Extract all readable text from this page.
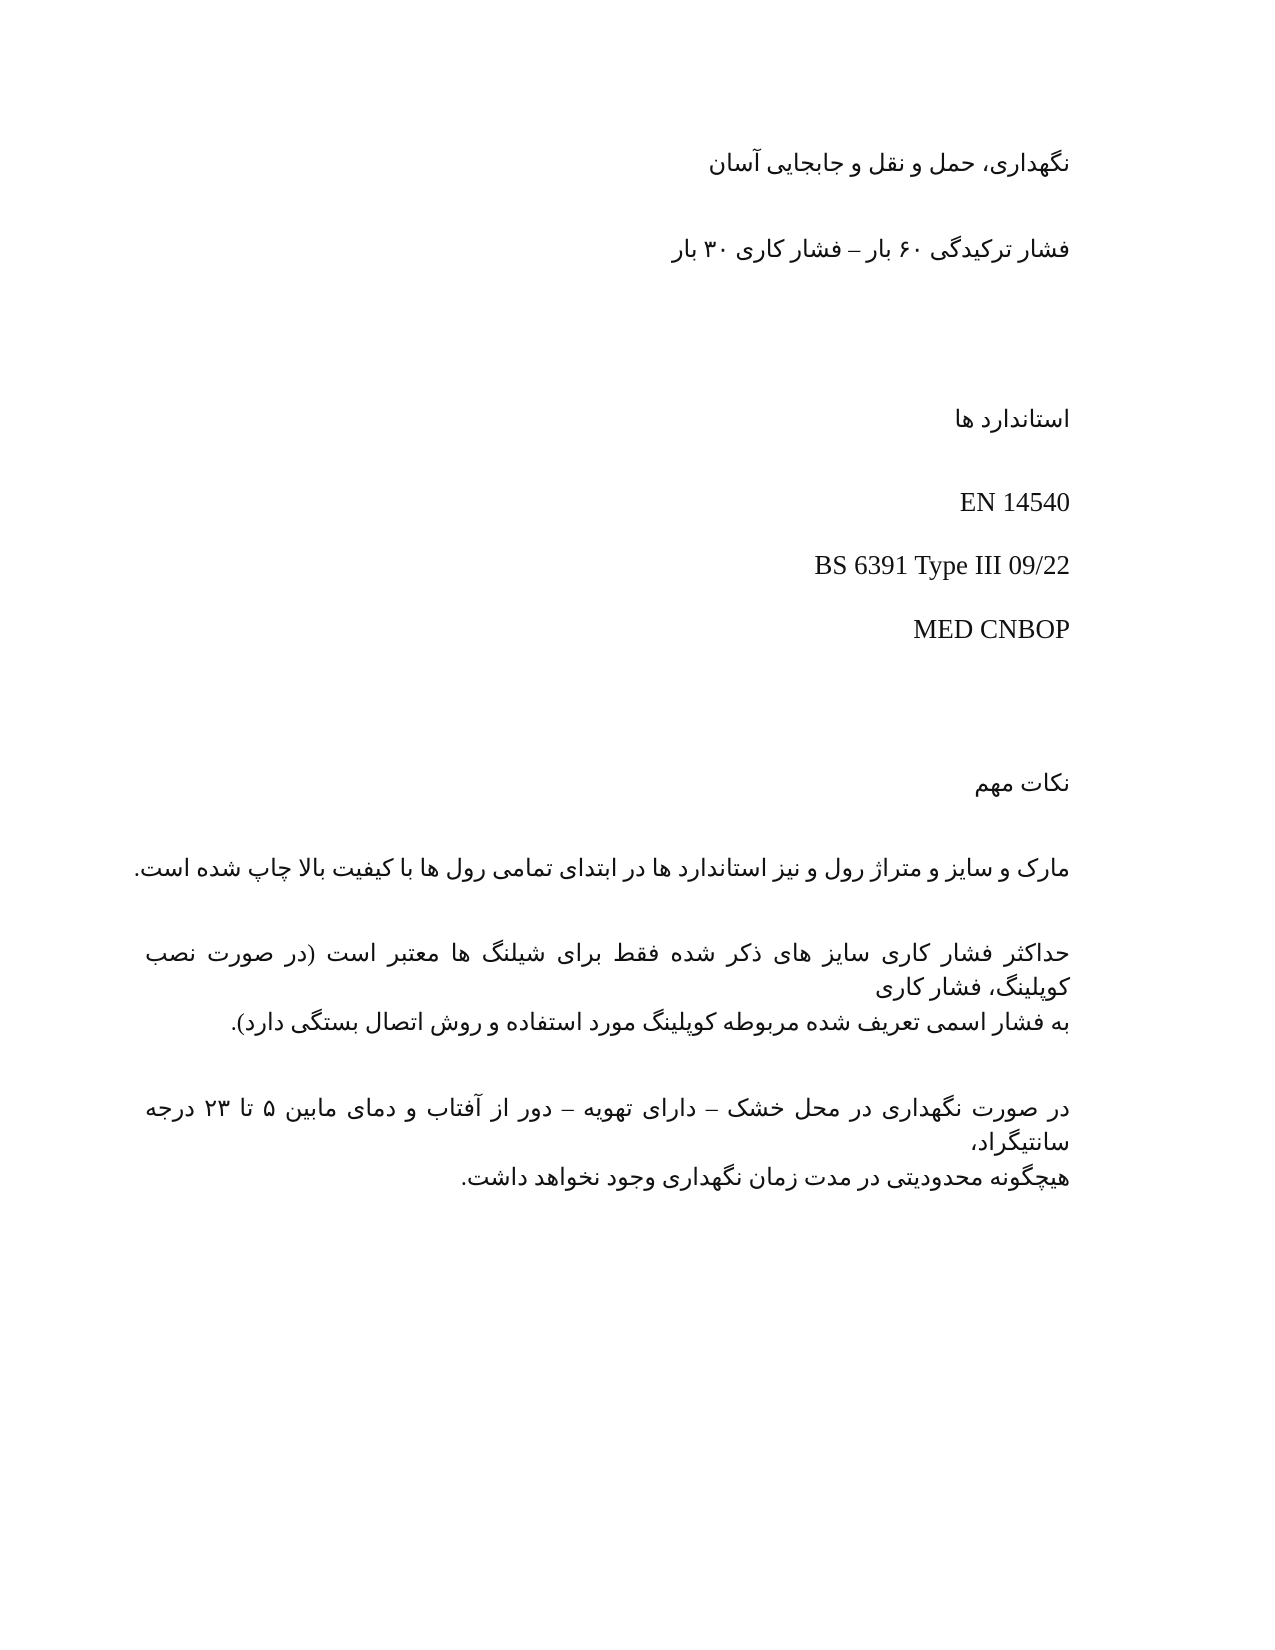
نگهداری، حمل و نقل و جابجایی آسان
فشار ترکیدگی ۶۰ بار – فشار کاری ۳۰ بار
استاندارد ها
EN 14540
BS 6391 Type III 09/22
MED CNBOP
نکات مهم
مارک و سایز و متراژ رول و نیز استاندارد ها در ابتدای تمامی رول ها با کیفیت بالا چاپ شده است.
حداکثر فشار کاری سایز های ذکر شده فقط برای شیلنگ ها معتبر است (در صورت نصب کوپلینگ، فشار کاری
به فشار اسمی تعریف شده مربوطه کوپلینگ مورد استفاده و روش اتصال بستگی دارد).
در صورت نگهداری در محل خشک – دارای تهویه – دور از آفتاب و دمای مابین ۵ تا ۲۳ درجه سانتیگراد،
هیچگونه محدودیتی در مدت زمان نگهداری وجود نخواهد داشت.
